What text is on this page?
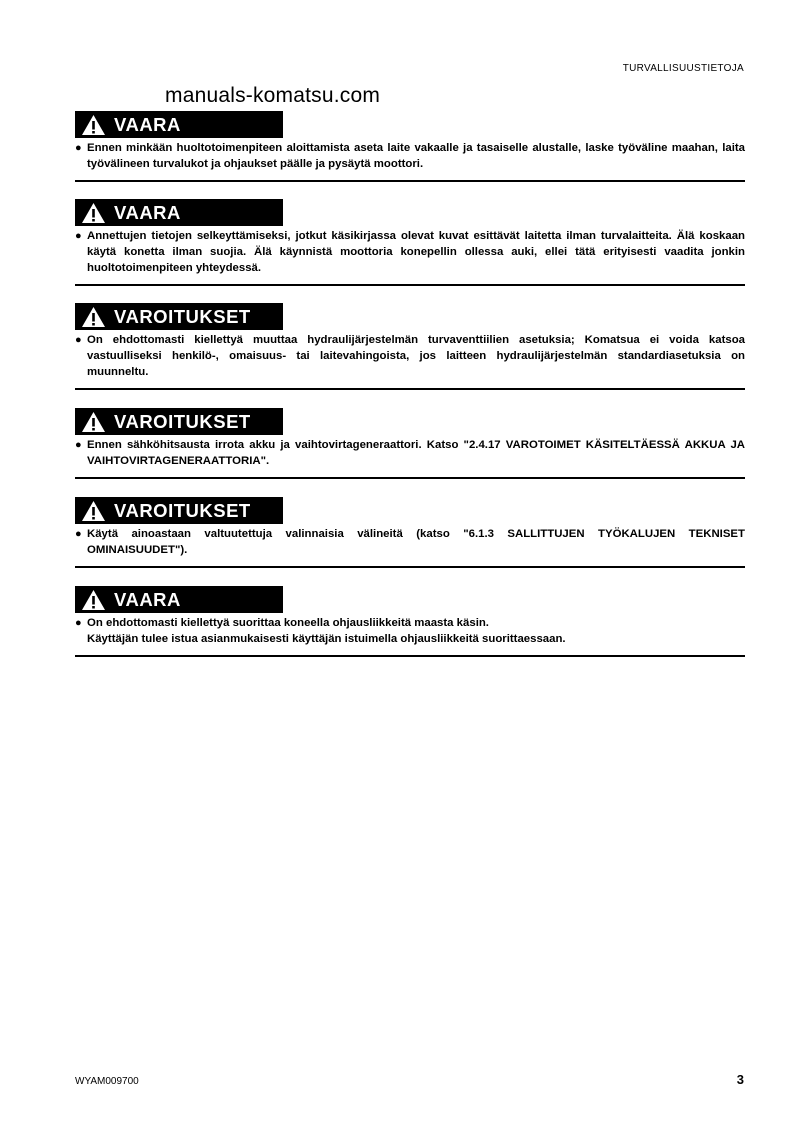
TURVALLISUUSTIETOJA
manuals-komatsu.com
VAARA
● Ennen minkään huoltotoimenpiteen aloittamista aseta laite vakaalle ja tasaiselle alustalle, laske työväline maahan, laita työvälineen turvalukot ja ohjaukset päälle ja pysäytä moottori.
VAARA
● Annettujen tietojen selkeyttämiseksi, jotkut käsikirjassa olevat kuvat esittävät laitetta ilman turvalaitteita. Älä koskaan käytä konetta ilman suojia. Älä käynnistä moottoria konepellin ollessa auki, ellei tätä erityisesti vaadita jonkin huoltotoimenpiteen yhteydessä.
VAROITUKSET
● On ehdottomasti kiellettyä muuttaa hydraulijärjestelmän turvaventtiilien asetuksia; Komatsua ei voida katsoa vastuulliseksi henkilö-, omaisuus- tai laitevahingoista, jos laitteen hydraulijärjestelmän standardiasetuksia on muunneltu.
VAROITUKSET
● Ennen sähköhitsausta irrota akku ja vaihtovirtageneraattori. Katso "2.4.17 VAROTOIMET KÄSITELTÄESSÄ AKKUA JA VAIHTOVIRTAGENERAATTORIA".
VAROITUKSET
● Käytä ainoastaan valtuutettuja valinnaisia välineitä (katso "6.1.3 SALLITTUJEN TYÖKALUJEN TEKNISET OMINAISUUDET").
VAARA
● On ehdottomasti kiellettyä suorittaa koneella ohjausliikkeitä maasta käsin.
Käyttäjän tulee istua asianmukaisesti käyttäjän istuimella ohjausliikkeitä suorittaessaan.
WYAM009700	3
